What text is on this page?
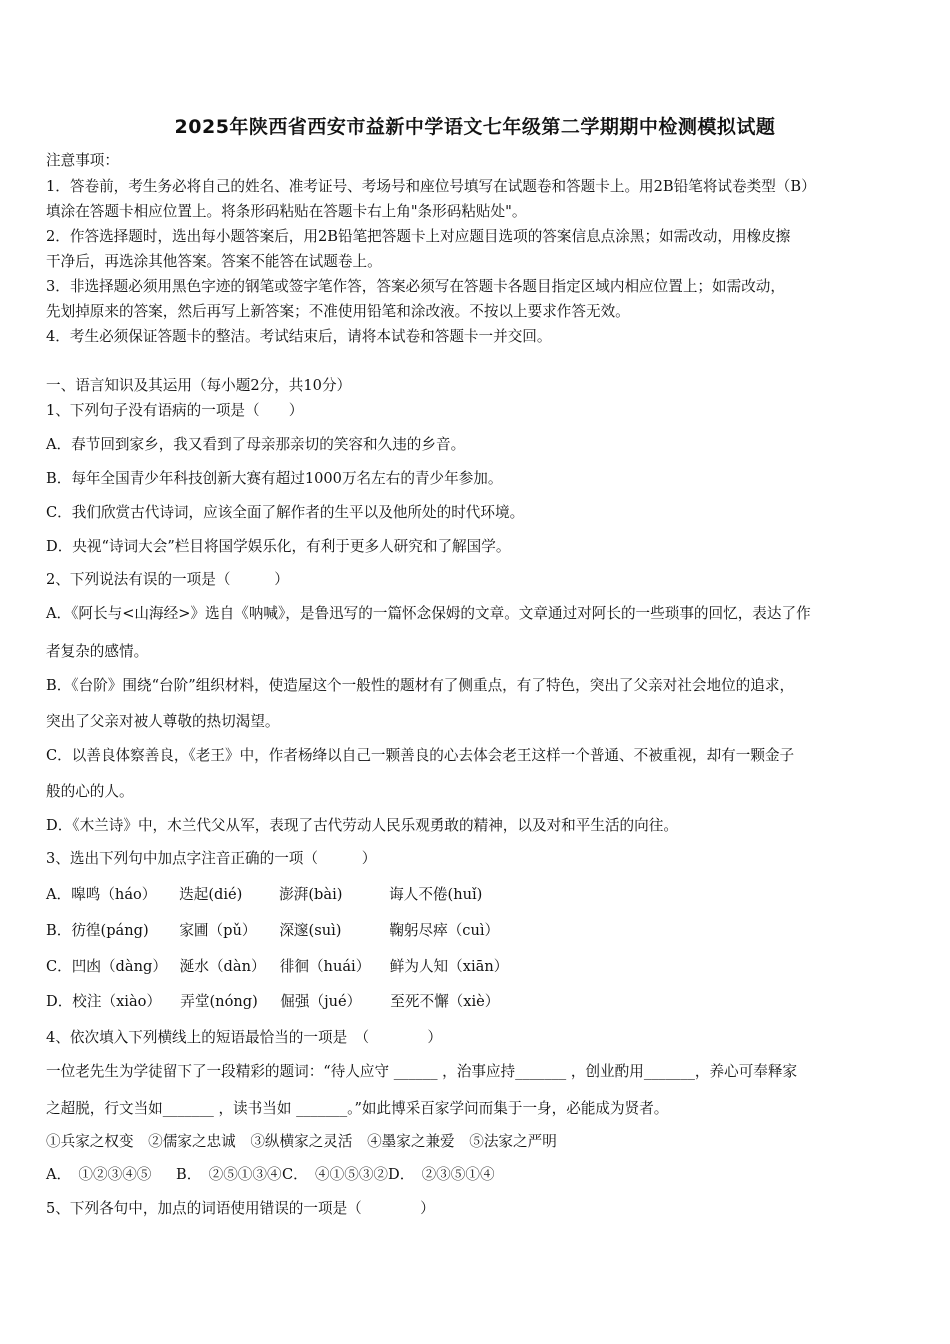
2025年陕西省西安市益新中学语文七年级第二学期期中检测模拟试题
注意事项：
1．答卷前，考生务必将自己的姓名、准考证号、考场号和座位号填写在试题卷和答题卡上。用2B铅笔将试卷类型（B）
填涂在答题卡相应位置上。将条形码粘贴在答题卡右上角"条形码粘贴处"。
2．作答选择题时，选出每小题答案后，用2B铅笔把答题卡上对应题目选项的答案信息点涂黑；如需改动，用橡皮擦
干净后，再选涂其他答案。答案不能答在试题卷上。
3．非选择题必须用黑色字迹的钢笔或签字笔作答，答案必须写在答题卡各题目指定区域内相应位置上；如需改动，
先划掉原来的答案，然后再写上新答案；不准使用铅笔和涂改液。不按以上要求作答无效。
4．考生必须保证答题卡的整洁。考试结束后，请将本试卷和答题卡一并交回。
一、语言知识及其运用（每小题2分，共10分）
1、下列句子没有语病的一项是（　　）
A．春节回到家乡，我又看到了母亲那亲切的笑容和久违的乡音。
B．每年全国青少年科技创新大赛有超过1000万名左右的青少年参加。
C．我们欣赏古代诗词，应该全面了解作者的生平以及他所处的时代环境。
D．央视“诗词大会”栏目将国学娱乐化，有利于更多人研究和了解国学。
2、下列说法有误的一项是（　　　）
A．《阿长与<山海经>》选自《呐喊》，是鲁迅写的一篇怀念保姆的文章。文章通过对阿长的一些琐事的回忆，表达了作
者复杂的感情。
B．《台阶》围绕“台阶”组织材料，使造屋这个一般性的题材有了侧重点，有了特色，突出了父亲对社会地位的追求，
突出了父亲对被人尊敬的热切渴望。
C．以善良体察善良，《老王》中，作者杨绛以自己一颗善良的心去体会老王这样一个普通、不被重视，却有一颗金子
般的心的人。
D．《木兰诗》中，木兰代父从军，表现了古代劳动人民乐观勇敢的精神，以及对和平生活的向往。
3、选出下列句中加点字注音正确的一项（　　　）
A．嗥鸣（háo） 迭起(dié)	澎湃(bài)	诲人不倦(huǐ)
B．彷徨(páng) 家圃（pǔ） 深邃(suì)	鞠躬尽瘁（cuì）
C．凹凼（dàng） 涎水（dàn） 徘徊（huái） 鲜为人知（xiān）
D．校注（xiào） 弄堂(nóng) 倔强（jué） 至死不懈（xiè）
4、依次填入下列横线上的短语最恰当的一项是　（　　　　）
一位老先生为学徒留下了一段精彩的题词：“待人应守 ______ ，治事应持_______ ，创业酌用_______，养心可奉释家
之超脱，行文当如_______ ，读书当如 _______。”如此博采百家学问而集于一身，必能成为贤者。
①兵家之权变　②儒家之忠诚　③纵横家之灵活　④墨家之兼爱　⑤法家之严明
A．　①②③④⑤ B．　②⑤①③④C．　④①⑤③②D．　②③⑤①④
5、下列各句中，加点的词语使用错误的一项是（　　　　）
